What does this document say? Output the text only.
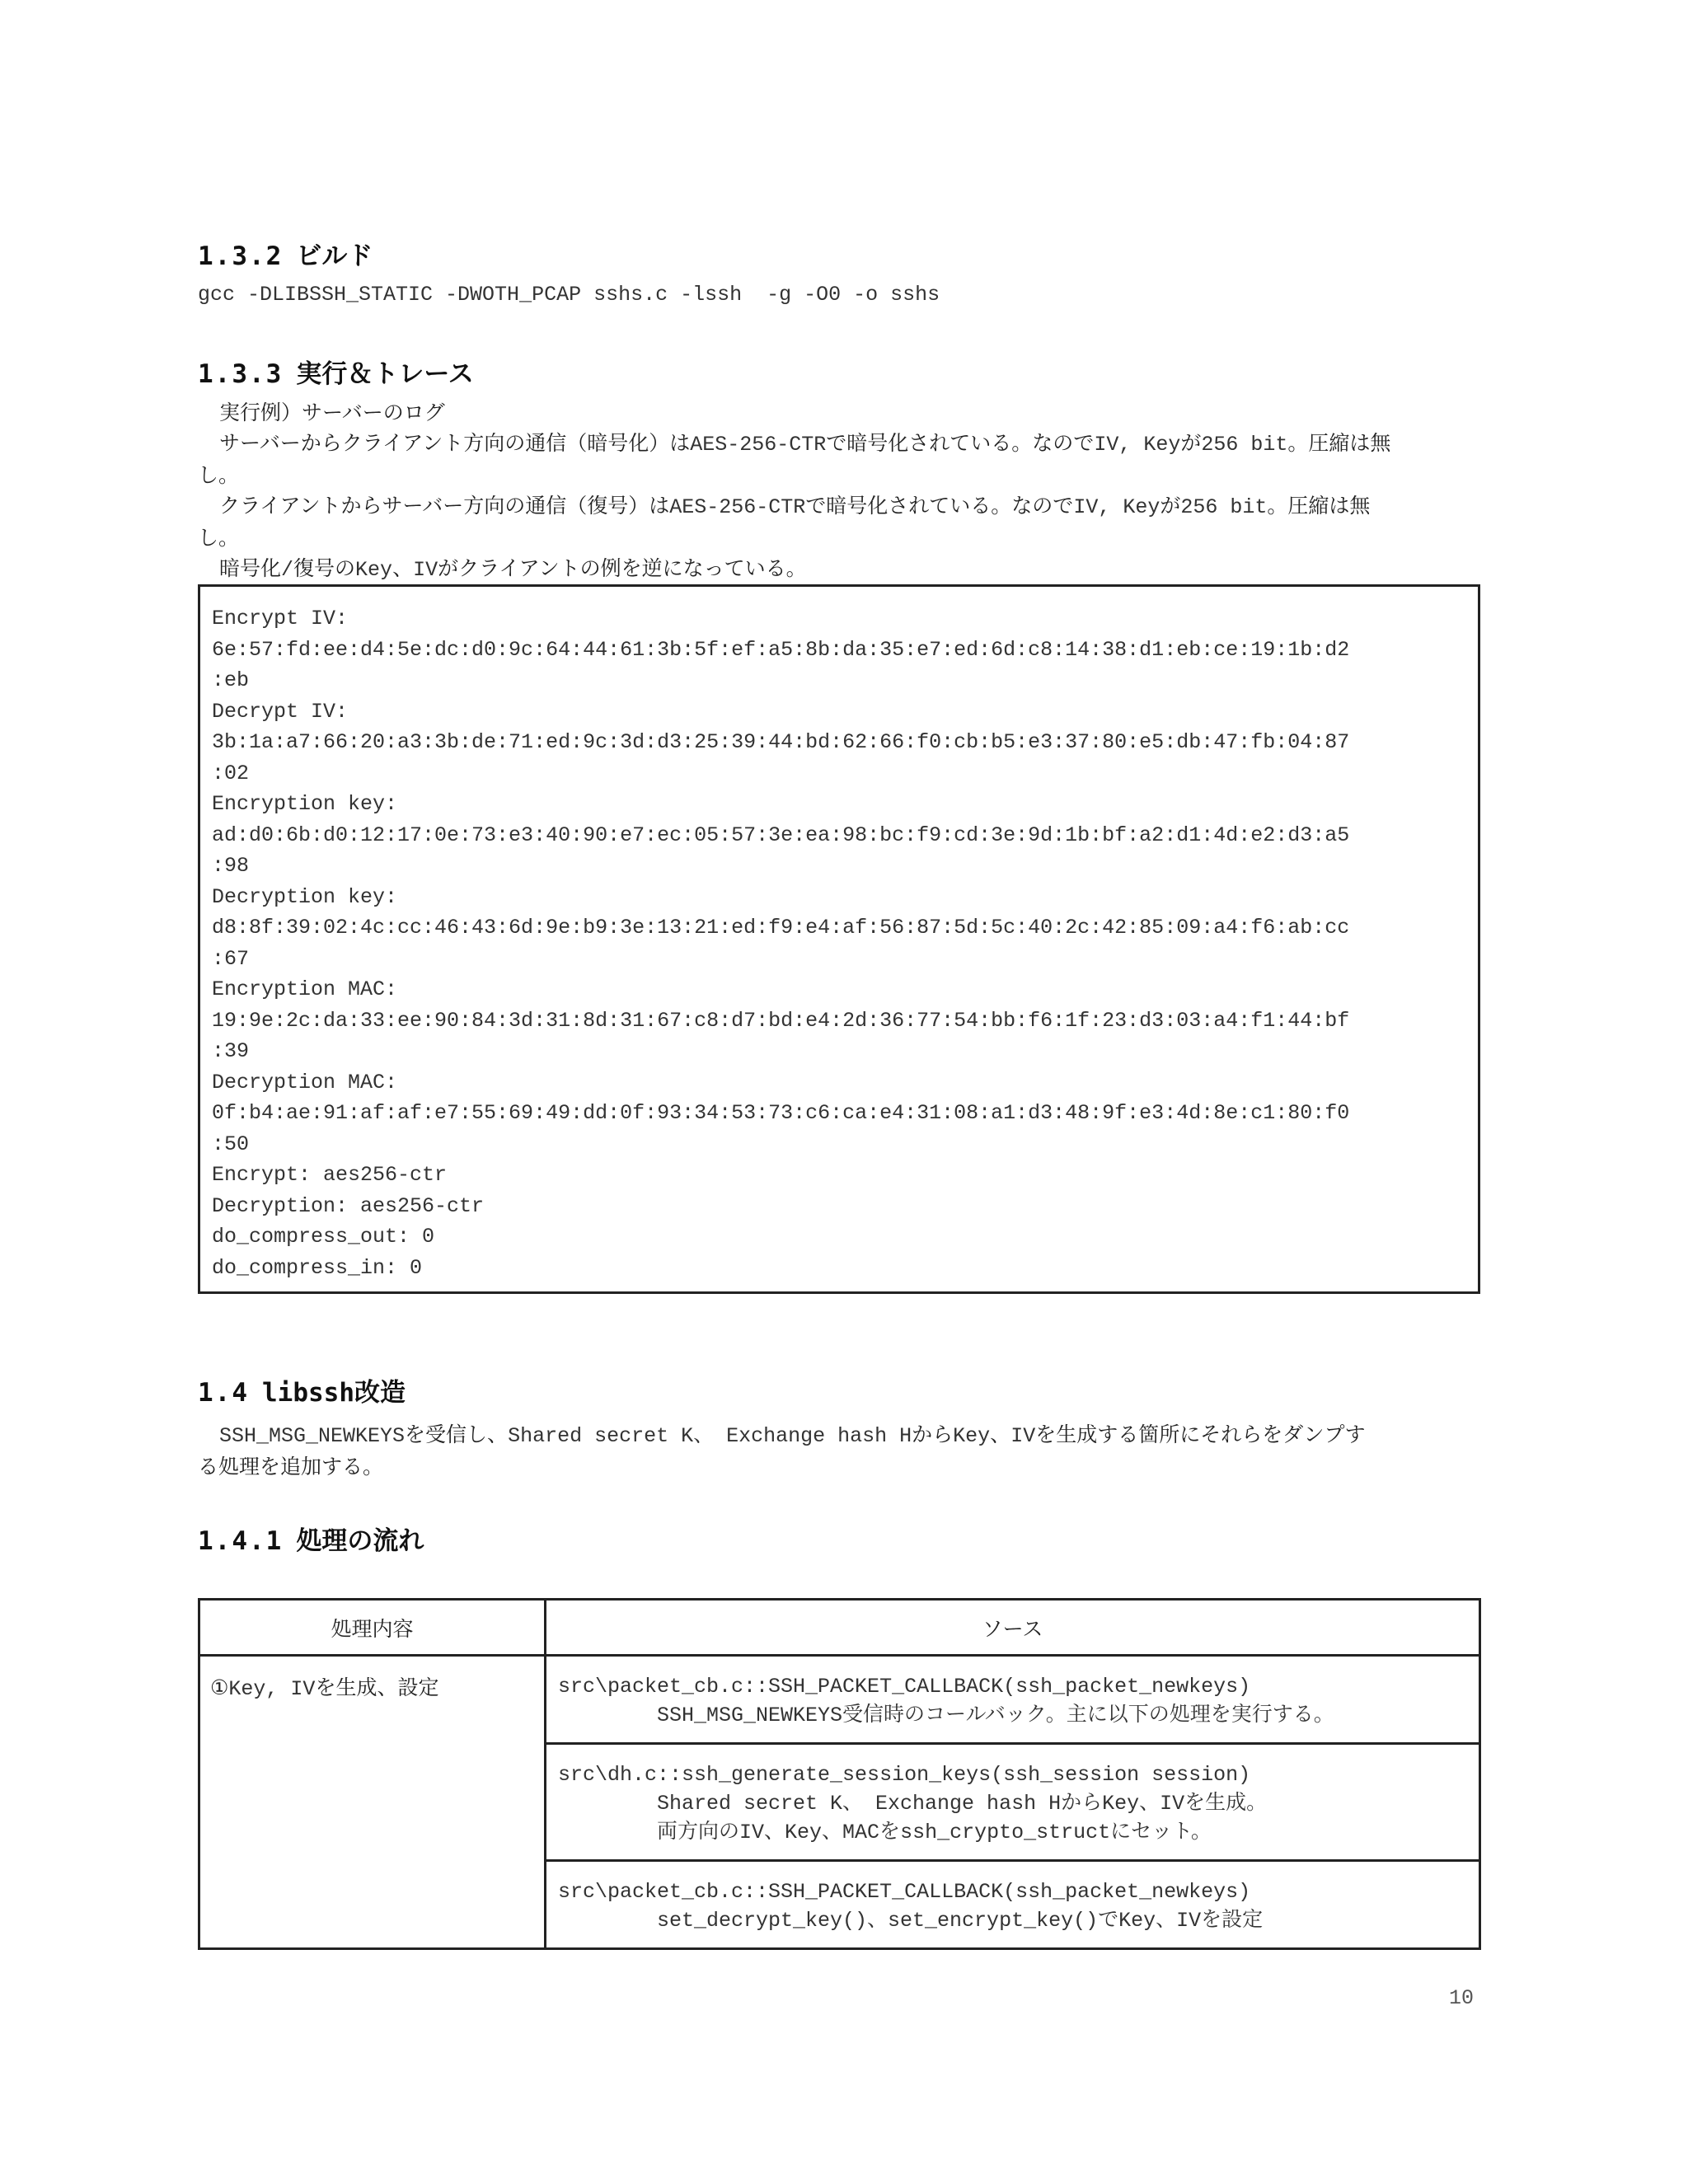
1.3.2 ビルド
gcc -DLIBSSH_STATIC -DWOTH_PCAP sshs.c -lssh  -g -O0 -o sshs
1.3.3 実行＆トレース
実行例）サーバーのログ
サーバーからクライアント方向の通信（暗号化）はAES-256-CTRで暗号化されている。なのでIV, Keyが256 bit。圧縮は無
し。
クライアントからサーバー方向の通信（復号）はAES-256-CTRで暗号化されている。なのでIV, Keyが256 bit。圧縮は無
し。
暗号化/復号のKey、IVがクライアントの例を逆になっている。
Encrypt IV:
6e:57:fd:ee:d4:5e:dc:d0:9c:64:44:61:3b:5f:ef:a5:8b:da:35:e7:ed:6d:c8:14:38:d1:eb:ce:19:1b:d2
:eb
Decrypt IV:
3b:1a:a7:66:20:a3:3b:de:71:ed:9c:3d:d3:25:39:44:bd:62:66:f0:cb:b5:e3:37:80:e5:db:47:fb:04:87
:02
Encryption key:
ad:d0:6b:d0:12:17:0e:73:e3:40:90:e7:ec:05:57:3e:ea:98:bc:f9:cd:3e:9d:1b:bf:a2:d1:4d:e2:d3:a5
:98
Decryption key:
d8:8f:39:02:4c:cc:46:43:6d:9e:b9:3e:13:21:ed:f9:e4:af:56:87:5d:5c:40:2c:42:85:09:a4:f6:ab:cc
:67
Encryption MAC:
19:9e:2c:da:33:ee:90:84:3d:31:8d:31:67:c8:d7:bd:e4:2d:36:77:54:bb:f6:1f:23:d3:03:a4:f1:44:bf
:39
Decryption MAC:
0f:b4:ae:91:af:af:e7:55:69:49:dd:0f:93:34:53:73:c6:ca:e4:31:08:a1:d3:48:9f:e3:4d:8e:c1:80:f0
:50
Encrypt: aes256-ctr
Decryption: aes256-ctr
do_compress_out: 0
do_compress_in: 0
1.4 libssh改造
SSH_MSG_NEWKEYSを受信し、Shared secret K、 Exchange hash HからKey、IVを生成する箇所にそれらをダンプす
る処理を追加する。
1.4.1 処理の流れ
処理内容	ソース
①Key, IVを生成、設定	src\packet_cb.c::SSH_PACKET_CALLBACK(ssh_packet_newkeys)
SSH_MSG_NEWKEYS受信時のコールバック。主に以下の処理を実行する。

	src\dh.c::ssh_generate_session_keys(ssh_session session)
Shared secret K、 Exchange hash HからKey、IVを生成。
両方向のIV、Key、MACをssh_crypto_structにセット。

	src\packet_cb.c::SSH_PACKET_CALLBACK(ssh_packet_newkeys)
set_decrypt_key()、set_encrypt_key()でKey、IVを設定
10
